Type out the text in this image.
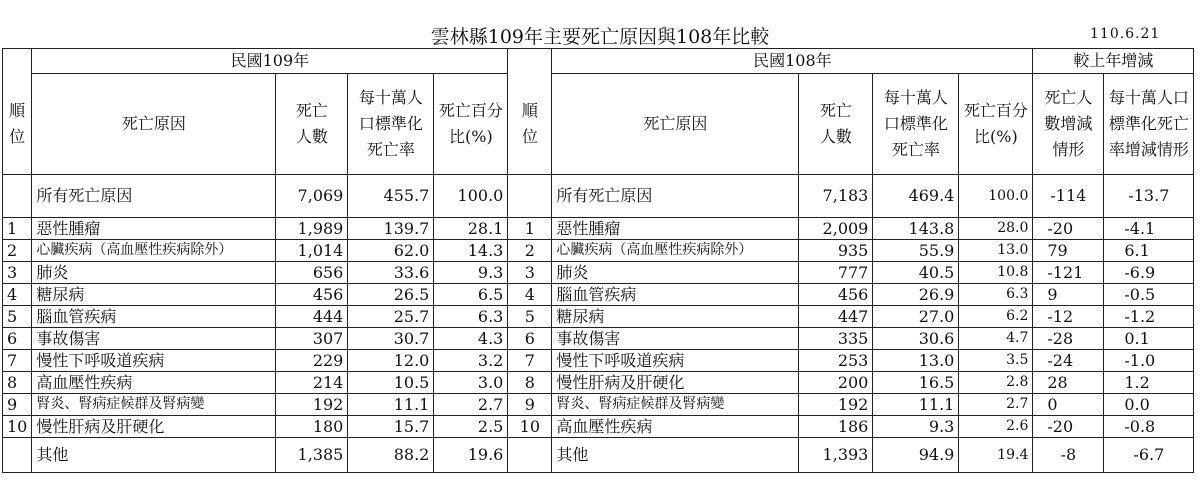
雲林縣109年主要死亡原因與108年比較	110.6.21
	民國109年					民國108年				較上年增減	
順位	死亡原因	死亡人數	每十萬人口標準化死亡率	死亡百分比(%)	順位	死亡原因	死亡人數	每十萬人口標準化死亡率	死亡百分比(%)	死亡人數增減情形	每十萬人口標準化死亡率增減情形
	所有死亡原因	7,069	455.7	100.0		所有死亡原因	7,183	469.4	100.0	-114	-13.7
1	惡性腫瘤	1,989	139.7	28.1	1	惡性腫瘤	2,009	143.8	28.0	-20	-4.1
2	心臟疾病（高血壓性疾病除外）	1,014	62.0	14.3	2	心臟疾病（高血壓性疾病除外）	935	55.9	13.0	79	6.1
3	肺炎	656	33.6	9.3	3	肺炎	777	40.5	10.8	-121	-6.9
4	糖尿病	456	26.5	6.5	4	腦血管疾病	456	26.9	6.3	9	-0.5
5	腦血管疾病	444	25.7	6.3	5	糖尿病	447	27.0	6.2	-12	-1.2
6	事故傷害	307	30.7	4.3	6	事故傷害	335	30.6	4.7	-28	0.1
7	慢性下呼吸道疾病	229	12.0	3.2	7	慢性下呼吸道疾病	253	13.0	3.5	-24	-1.0
8	高血壓性疾病	214	10.5	3.0	8	慢性肝病及肝硬化	200	16.5	2.8	28	1.2
9	腎炎、腎病症候群及腎病變	192	11.1	2.7	9	腎炎、腎病症候群及腎病變	192	11.1	2.7	0	0.0
10	慢性肝病及肝硬化	180	15.7	2.5	10	高血壓性疾病	186	9.3	2.6	-20	-0.8
	其他	1,385	88.2	19.6		其他	1,393	94.9	19.4	-8	-6.7
